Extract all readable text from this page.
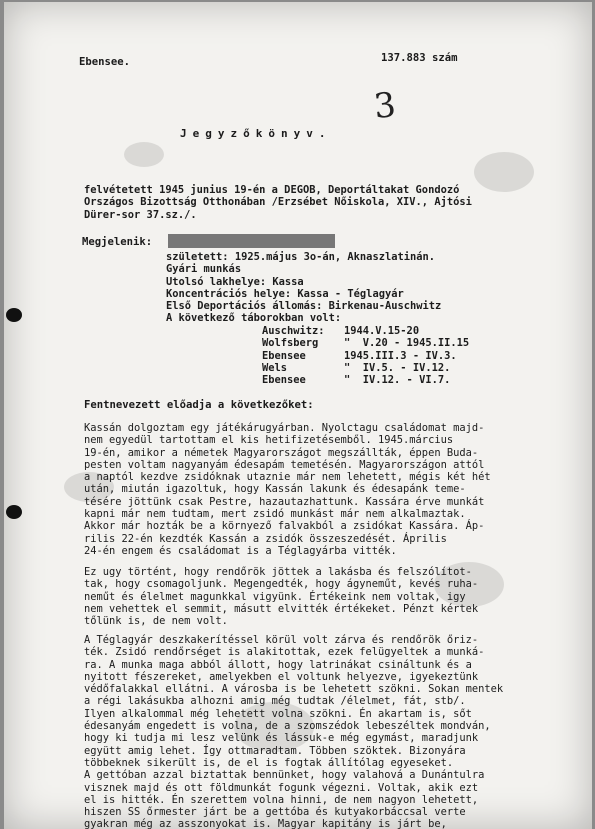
Ebensee.	137.883 szám
3
Jegyzőkönyv.
felvétetett 1945 junius 19-én a DEGOB, Deportáltakat Gondozó
Országos Bizottság Otthonában /Erzsébet Nőiskola, XIV., Ajtósi
Dürer-sor 37.sz./.
Megjelenik:
született: 1925.május 3o-án, Aknaszlatinán.
Gyári munkás
Utolsó lakhelye: Kassa
Koncentrációs helye: Kassa - Téglagyár
Első Deportációs állomás: Birkenau-Auschwitz
A következő táborokban volt:
Auschwitz:	1944.V.15-20
Wolfsberg	"  V.20 - 1945.II.15
Ebensee	1945.III.3 - IV.3.
Wels	"  IV.5. - IV.12.
Ebensee	"  IV.12. - VI.7.
Fentnevezett előadja a következőket:
Kassán dolgoztam egy játékárugyárban. Nyolctagu családomat majd-
nem egyedül tartottam el kis hetifizetésemből. 1945.március
19-én, amikor a németek Magyarországot megszállták, éppen Buda-
pesten voltam nagyanyám édesapám temetésén. Magyarországon attól
a naptól kezdve zsidóknak utaznie már nem lehetett, mégis két hét
után, miután igazoltuk, hogy Kassán lakunk és édesapánk teme-
tésére jöttünk csak Pestre, hazautazhattunk. Kassára érve munkát
kapni már nem tudtam, mert zsidó munkást már nem alkalmaztak.
Akkor már hozták be a környező falvakból a zsidókat Kassára. Áp-
rilis 22-én kezdték Kassán a zsidók összeszedését. Április
24-én engem és családomat is a Téglagyárba vitték.
Ez ugy történt, hogy rendőrök jöttek a lakásba és felszólítot-
tak, hogy csomagoljunk. Megengedték, hogy ágyneműt, kevés ruha-
neműt és élelmet magunkkal vigyünk. Értékeink nem voltak, igy
nem vehettek el semmit, másutt elvitték értékeket. Pénzt kértek
tőlünk is, de nem volt.
A Téglagyár deszkakerítéssel körül volt zárva és rendőrök őriz-
ték. Zsidó rendőrséget is alakitottak, ezek felügyeltek a munká-
ra. A munka maga abból állott, hogy latrinákat csináltunk és a
nyitott fészereket, amelyekben el voltunk helyezve, igyekeztünk
védőfalakkal ellátni. A városba is be lehetett szökni. Sokan mentek
a régi lakásukba alhozni amig még tudtak /élelmet, fát, stb/.
Ilyen alkalommal még lehetett volna szökni. Én akartam is, sőt
édesanyám engedett is volna, de a szomszédok lebeszéltek mondván,
hogy ki tudja mi lesz velünk és lássuk-e még egymást, maradjunk
együtt amig lehet. Így ottmaradtam. Többen szöktek. Bizonyára
többeknek sikerült is, de el is fogtak állítólag egyeseket.
A gettóban azzal biztattak bennünket, hogy valahová a Dunántulra
visznek majd és ott földmunkát fogunk végezni. Voltak, akik ezt
el is hitték. Én szerettem volna hinni, de nem nagyon lehetett,
hiszen SS őrmester járt be a gettóba és kutyakorbáccsal verte
gyakran még az asszonyokat is. Magyar kapitány is járt be,
